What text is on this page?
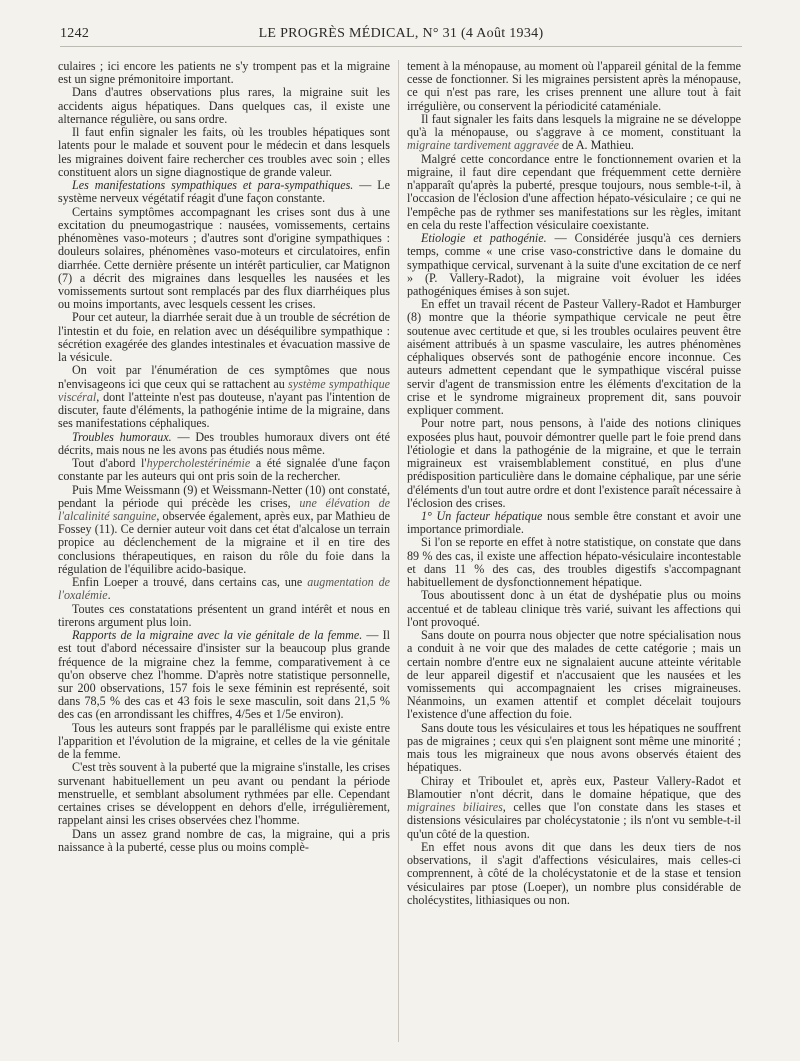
1242	LE PROGRÈS MÉDICAL, N° 31 (4 Août 1934)

culaires ; ici encore les patients ne s'y trompent pas et la migraine est un signe prémonitoire important.

Dans d'autres observations plus rares, la migraine suit les accidents aigus hépatiques. Dans quelques cas, il existe une alternance régulière, ou sans ordre.

Il faut enfin signaler les faits, où les troubles hépatiques sont latents pour le malade et souvent pour le médecin et dans lesquels les migraines doivent faire rechercher ces troubles avec soin ; elles constituent alors un signe diagnostique de grande valeur.

Les manifestations sympathiques et para-sympathiques. — Le système nerveux végétatif réagit d'une façon constante.

Certains symptômes accompagnant les crises sont dus à une excitation du pneumogastrique : nausées, vomissements, certains phénomènes vaso-moteurs ; d'autres sont d'origine sympathiques : douleurs solaires, phénomènes vaso-moteurs et circulatoires, enfin diarrhée. Cette dernière présente un intérêt particulier, car Matignon (7) a décrit des migraines dans lesquelles les nausées et les vomissements surtout sont remplacés par des flux diarrhéiques plus ou moins importants, avec lesquels cessent les crises.

Pour cet auteur, la diarrhée serait due à un trouble de sécrétion de l'intestin et du foie, en relation avec un déséquilibre sympathique : sécrétion exagérée des glandes intestinales et évacuation massive de la vésicule.

On voit par l'énumération de ces symptômes que nous n'envisageons ici que ceux qui se rattachent au système sympathique viscéral, dont l'atteinte n'est pas douteuse, n'ayant pas l'intention de discuter, faute d'éléments, la pathogénie intime de la migraine, dans ses manifestations céphaliques.

Troubles humoraux. — Des troubles humoraux divers ont été décrits, mais nous ne les avons pas étudiés nous même.

Tout d'abord l'hypercholestérinémie a été signalée d'une façon constante par les auteurs qui ont pris soin de la rechercher.

Puis Mme Weissmann (9) et Weissmann-Netter (10) ont constaté, pendant la période qui précède les crises, une élévation de l'alcalinité sanguine, observée également, après eux, par Mathieu de Fossey (11). Ce dernier auteur voit dans cet état d'alcalose un terrain propice au déclenchement de la migraine et il en tire des conclusions thérapeutiques, en raison du rôle du foie dans la régulation de l'équilibre acido-basique.

Enfin Loeper a trouvé, dans certains cas, une augmentation de l'oxalémie.

Toutes ces constatations présentent un grand intérêt et nous en tirerons argument plus loin.

Rapports de la migraine avec la vie génitale de la femme. — Il est tout d'abord nécessaire d'insister sur la beaucoup plus grande fréquence de la migraine chez la femme, comparativement à ce qu'on observe chez l'homme. D'après notre statistique personnelle, sur 200 observations, 157 fois le sexe féminin est représenté, soit dans 78,5 % des cas et 43 fois le sexe masculin, soit dans 21,5 % des cas (en arrondissant les chiffres, 4/5es et 1/5e environ).

Tous les auteurs sont frappés par le parallélisme qui existe entre l'apparition et l'évolution de la migraine, et celles de la vie génitale de la femme.

C'est très souvent à la puberté que la migraine s'installe, les crises survenant habituellement un peu avant ou pendant la période menstruelle, et semblant absolument rythmées par elle. Cependant certaines crises se développent en dehors d'elle, irrégulièrement, rappelant ainsi les crises observées chez l'homme.

Dans un assez grand nombre de cas, la migraine, qui a pris naissance à la puberté, cesse plus ou moins complè-

tement à la ménopause, au moment où l'appareil génital de la femme cesse de fonctionner. Si les migraines persistent après la ménopause, ce qui n'est pas rare, les crises prennent une allure tout à fait irrégulière, ou conservent la périodicité cataméniale.

Il faut signaler les faits dans lesquels la migraine ne se développe qu'à la ménopause, ou s'aggrave à ce moment, constituant la migraine tardivement aggravée de A. Mathieu.

Malgré cette concordance entre le fonctionnement ovarien et la migraine, il faut dire cependant que fréquemment cette dernière n'apparaît qu'après la puberté, presque toujours, nous semble-t-il, à l'occasion de l'éclosion d'une affection hépato-vésiculaire ; ce qui ne l'empêche pas de rythmer ses manifestations sur les règles, imitant en cela du reste l'affection vésiculaire coexistante.

Etiologie et pathogénie. — Considérée jusqu'à ces derniers temps, comme « une crise vaso-constrictive dans le domaine du sympathique cervical, survenant à la suite d'une excitation de ce nerf » (P. Vallery-Radot), la migraine voit évoluer les idées pathogéniques émises à son sujet.

En effet un travail récent de Pasteur Vallery-Radot et Hamburger (8) montre que la théorie sympathique cervicale ne peut être soutenue avec certitude et que, si les troubles oculaires peuvent être aisément attribués à un spasme vasculaire, les autres phénomènes céphaliques observés sont de pathogénie encore inconnue. Ces auteurs admettent cependant que le sympathique viscéral puisse servir d'agent de transmission entre les éléments d'excitation de la crise et le syndrome migraineux proprement dit, sans pouvoir expliquer comment.

Pour notre part, nous pensons, à l'aide des notions cliniques exposées plus haut, pouvoir démontrer quelle part le foie prend dans l'étiologie et dans la pathogénie de la migraine, et que le terrain migraineux est vraisemblablement constitué, en plus d'une prédisposition particulière dans le domaine céphalique, par une série d'éléments d'un tout autre ordre et dont l'existence paraît nécessaire à l'éclosion des crises.

1° Un facteur hépatique nous semble être constant et avoir une importance primordiale.

Si l'on se reporte en effet à notre statistique, on constate que dans 89 % des cas, il existe une affection hépato-vésiculaire incontestable et dans 11 % des cas, des troubles digestifs s'accompagnant habituellement de dysfonctionnement hépatique.

Tous aboutissent donc à un état de dyshépatie plus ou moins accentué et de tableau clinique très varié, suivant les affections qui l'ont provoqué.

Sans doute on pourra nous objecter que notre spécialisation nous a conduit à ne voir que des malades de cette catégorie ; mais un certain nombre d'entre eux ne signalaient aucune atteinte véritable de leur appareil digestif et n'accusaient que les nausées et les vomissements qui accompagnaient les crises migraineuses. Néanmoins, un examen attentif et complet décelait toujours l'existence d'une affection du foie.

Sans doute tous les vésiculaires et tous les hépatiques ne souffrent pas de migraines ; ceux qui s'en plaignent sont même une minorité ; mais tous les migraineux que nous avons observés étaient des hépatiques.

Chiray et Triboulet et, après eux, Pasteur Vallery-Radot et Blamoutier n'ont décrit, dans le domaine hépatique, que des migraines biliaires, celles que l'on constate dans les stases et distensions vésiculaires par cholécystatonie ; ils n'ont vu semble-t-il qu'un côté de la question.

En effet nous avons dit que dans les deux tiers de nos observations, il s'agit d'affections vésiculaires, mais celles-ci comprennent, à côté de la cholécystatonie et de la stase et tension vésiculaires par ptose (Loeper), un nombre plus considérable de cholécystites, lithiasiques ou non.
